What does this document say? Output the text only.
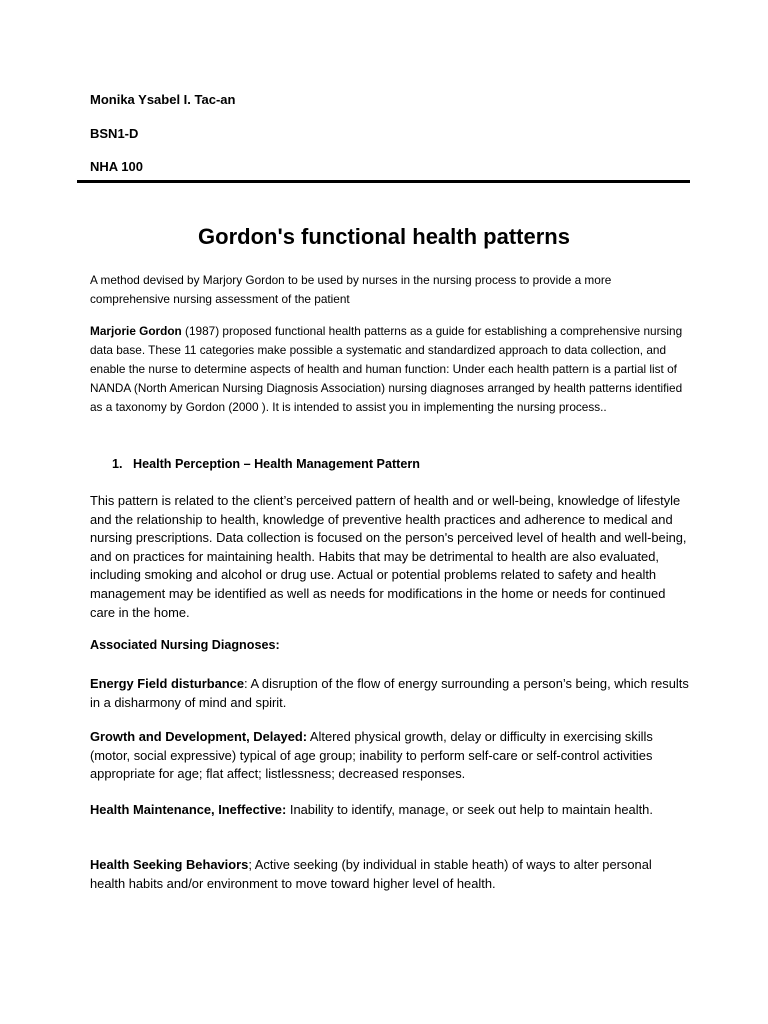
Monika Ysabel I. Tac-an
BSN1-D
NHA 100
Gordon's functional health patterns

A method devised by Marjory Gordon to be used by nurses in the nursing process to provide a more comprehensive nursing assessment of the patient

Marjorie Gordon (1987) proposed functional health patterns as a guide for establishing a comprehensive nursing data base. These 11 categories make possible a systematic and standardized approach to data collection, and enable the nurse to determine aspects of health and human function: Under each health pattern is a partial list of NANDA (North American Nursing Diagnosis Association) nursing diagnoses arranged by health patterns identified as a taxonomy by Gordon (2000 ). It is intended to assist you in implementing the nursing process..

1. Health Perception – Health Management Pattern

This pattern is related to the client’s perceived pattern of health and or well-being, knowledge of lifestyle and the relationship to health, knowledge of preventive health practices and adherence to medical and nursing prescriptions. Data collection is focused on the person's perceived level of health and well-being, and on practices for maintaining health. Habits that may be detrimental to health are also evaluated, including smoking and alcohol or drug use. Actual or potential problems related to safety and health management may be identified as well as needs for modifications in the home or needs for continued care in the home.

Associated Nursing Diagnoses:

Energy Field disturbance: A disruption of the flow of energy surrounding a person’s being, which results in a disharmony of mind and spirit.

Growth and Development, Delayed: Altered physical growth, delay or difficulty in exercising skills (motor, social expressive) typical of age group; inability to perform self-care or self-control activities appropriate for age; flat affect; listlessness; decreased responses.

Health Maintenance, Ineffective: Inability to identify, manage, or seek out help to maintain health.

Health Seeking Behaviors; Active seeking (by individual in stable heath) of ways to alter personal health habits and/or environment to move toward higher level of health.
